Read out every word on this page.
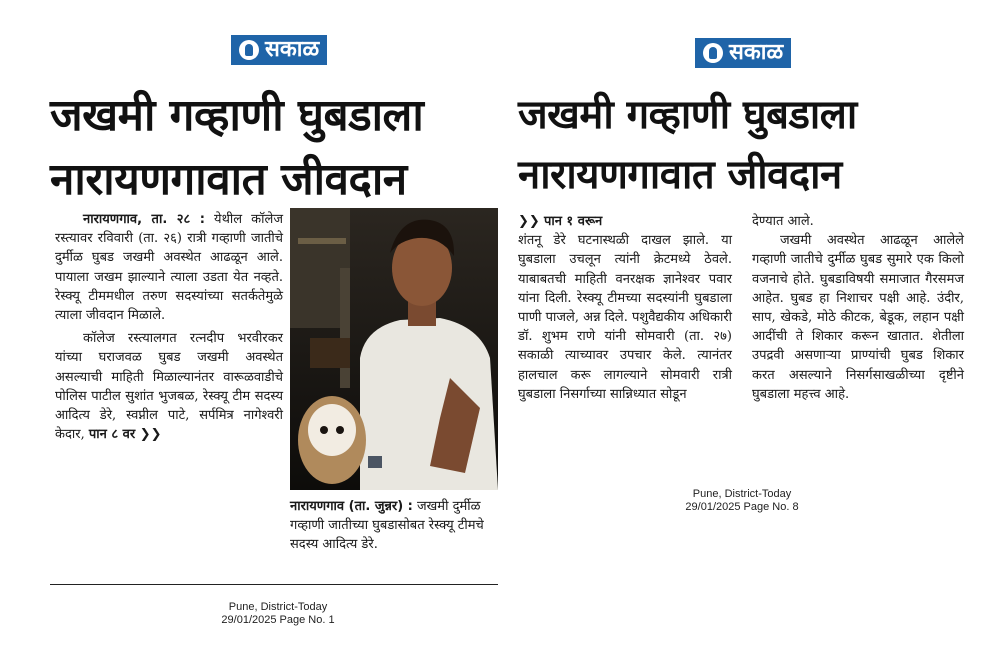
सकाळ
जखमी गव्हाणी घुबडाला
नारायणगावात जीवदान

नारायणगाव, ता. २८ : येथील कॉलेज रस्त्यावर रविवारी (ता. २६) रात्री गव्हाणी जातीचे दुर्मीळ घुबड जखमी अवस्थेत आढळून आले. पायाला जखम झाल्याने त्याला उडता येत नव्हते. रेस्क्यू टीममधील तरुण सदस्यांच्या सतर्कतेमुळे त्याला जीवदान मिळाले.

कॉलेज रस्त्यालगत रत्नदीप भरवीरकर यांच्या घराजवळ घुबड जखमी अवस्थेत असल्याची माहिती मिळाल्यानंतर वारूळवाडीचे पोलिस पाटील सुशांत भुजबळ, रेस्क्यू टीम सदस्य आदित्य डेरे, स्वप्नील पाटे, सर्पमित्र नागेश्वरी केदार, पान ८ वर ❯❯

नारायणगाव (ता. जुन्नर) : जखमी दुर्मीळ गव्हाणी जातीच्या घुबडासोबत रेस्क्यू टीमचे सदस्य आदित्य डेरे.

Pune, District-Today
29/01/2025 Page No. 1
सकाळ
जखमी गव्हाणी घुबडाला
नारायणगावात जीवदान

❯❯ पान १ वरून

शंतनू डेरे घटनास्थळी दाखल झाले. या घुबडाला उचलून त्यांनी क्रेटमध्ये ठेवले. याबाबतची माहिती वनरक्षक ज्ञानेश्वर पवार यांना दिली. रेस्क्यू टीमच्या सदस्यांनी घुबडाला पाणी पाजले, अन्न दिले. पशुवैद्यकीय अधिकारी डॉ. शुभम राणे यांनी सोमवारी (ता. २७) सकाळी त्याच्यावर उपचार केले. त्यानंतर हालचाल करू लागल्याने सोमवारी रात्री घुबडाला निसर्गाच्या सान्निध्यात सोडून

देण्यात आले.

जखमी अवस्थेत आढळून आलेले गव्हाणी जातीचे दुर्मीळ घुबड सुमारे एक किलो वजनाचे होते. घुबडाविषयी समाजात गैरसमज आहेत. घुबड हा निशाचर पक्षी आहे. उंदीर, साप, खेकडे, मोठे कीटक, बेडूक, लहान पक्षी आदींची ते शिकार करून खातात. शेतीला उपद्रवी असणाऱ्या प्राण्यांची घुबड शिकार करत असल्याने निसर्गसाखळीच्या दृष्टीने घुबडाला महत्त्व आहे.

Pune, District-Today
29/01/2025 Page No. 8
